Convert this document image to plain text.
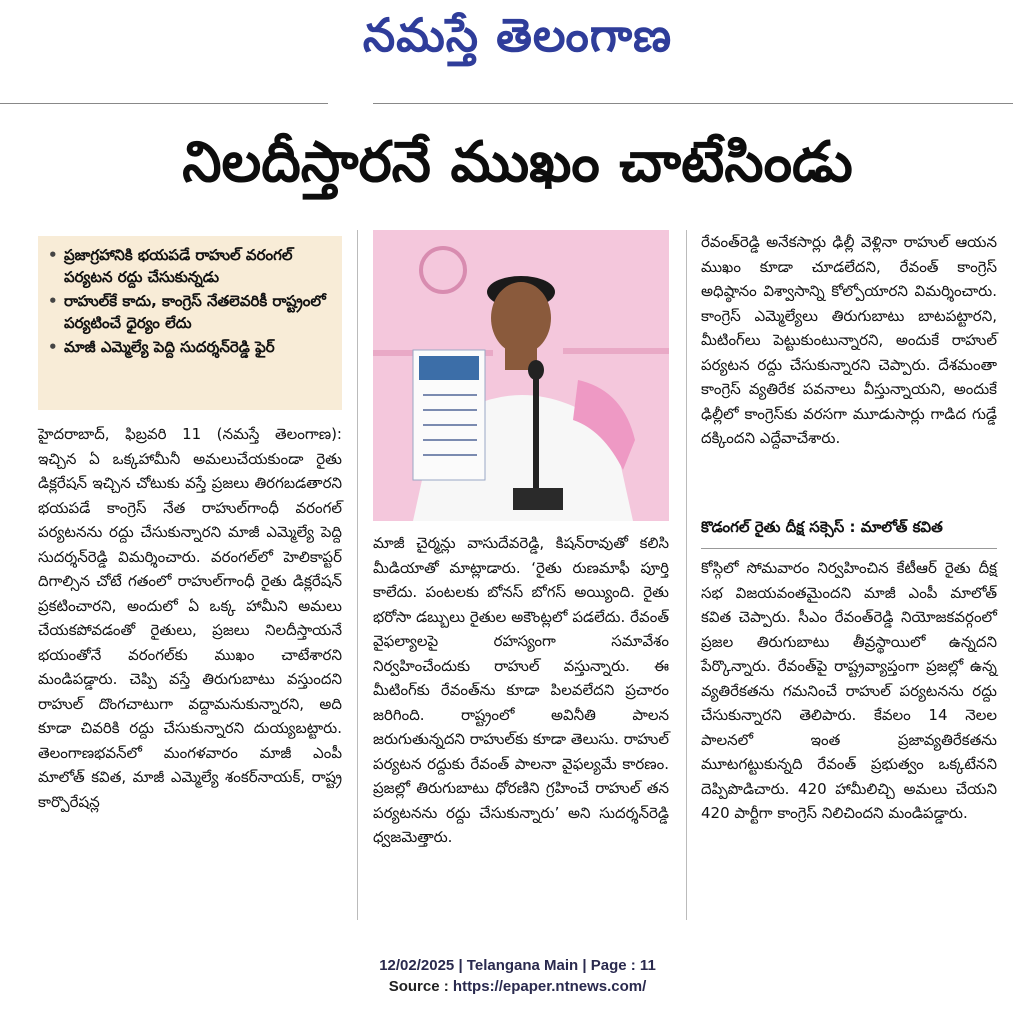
నమస్తే తెలంగాణ
నిలదీస్తారనే ముఖం చాటేసిండు
• ప్రజాగ్రహానికి భయపడే రాహుల్ వరంగల్ పర్యటన రద్దు చేసుకున్నడు
• రాహుల్‌కే కాదు, కాంగ్రెస్ నేతలెవరికీ రాష్ట్రంలో పర్యటించే ధైర్యం లేదు
• మాజీ ఎమ్మెల్యే పెద్ది సుదర్శన్‌రెడ్డి ఫైర్

హైదరాబాద్, ఫిబ్రవరి 11 (నమస్తే తెలంగాణ): ఇచ్చిన ఏ ఒక్కహామీనీ అమలుచేయకుండా రైతు డిక్లరేషన్ ఇచ్చిన చోటుకు వస్తే ప్రజలు తిరగబడతారని భయపడే కాంగ్రెస్ నేత రాహుల్‌గాంధీ వరంగల్ పర్యటనను రద్దు చేసుకున్నారని మాజీ ఎమ్మెల్యే పెద్ది సుదర్శన్‌రెడ్డి విమర్శించారు. వరంగల్‌లో హెలికాప్టర్ దిగాల్సిన చోటే గతంలో రాహుల్‌గాంధీ రైతు డిక్లరేషన్ ప్రకటించారని, అందులో ఏ ఒక్క హామీని అమలు చేయకపోవడంతో రైతులు, ప్రజలు నిలదీస్తాయనే భయంతోనే వరంగల్‌కు ముఖం చాటేశారని మండిపడ్డారు. చెప్పి వస్తే తిరుగుబాటు వస్తుందని రాహుల్ దొంగచాటుగా వద్దామనుకున్నారని, అది కూడా చివరికి రద్దు చేసుకున్నారని దుయ్యబట్టారు. తెలంగాణభవన్‌లో మంగళవారం మాజీ ఎంపీ మాలోత్ కవిత, మాజీ ఎమ్మెల్యే శంకర్‌నాయక్, రాష్ట్ర కార్పొరేషన్ల

మాజీ చైర్మన్లు వాసుదేవరెడ్డి, కిషన్‌రావుతో కలిసి మీడియాతో మాట్లాడారు. ‘రైతు రుణమాఫీ పూర్తి కాలేదు. పంటలకు బోనస్ బోగస్ అయ్యింది. రైతు భరోసా డబ్బులు రైతుల అకౌంట్లలో పడలేదు. రేవంత్ వైఫల్యాలపై రహస్యంగా సమావేశం నిర్వహించేందుకు రాహుల్ వస్తున్నారు. ఈ మీటింగ్‌కు రేవంత్‌ను కూడా పిలవలేదని ప్రచారం జరిగింది. రాష్ట్రంలో అవినీతి పాలన జరుగుతున్నదని రాహుల్‌కు కూడా తెలుసు. రాహుల్ పర్యటన రద్దుకు రేవంత్ పాలనా వైఫల్యమే కారణం. ప్రజల్లో తిరుగుబాటు ధోరణిని గ్రహించే రాహుల్ తన పర్యటనను రద్దు చేసుకున్నారు’ అని సుదర్శన్‌రెడ్డి ధ్వజమెత్తారు.

రేవంత్‌రెడ్డి అనేకసార్లు ఢిల్లీ వెళ్లినా రాహుల్ ఆయన ముఖం కూడా చూడలేదని, రేవంత్ కాంగ్రెస్ అధిష్ఠానం విశ్వాసాన్ని కోల్పోయారని విమర్శించారు. కాంగ్రెస్ ఎమ్మెల్యేలు తిరుగుబాటు బాటపట్టారని, మీటింగ్‌లు పెట్టుకుంటున్నారని, అందుకే రాహుల్ పర్యటన రద్దు చేసుకున్నారని చెప్పారు. దేశమంతా కాంగ్రెస్ వ్యతిరేక పవనాలు వీస్తున్నాయని, అందుకే ఢిల్లీలో కాంగ్రెస్‌కు వరసగా మూడుసార్లు గాడిద గుడ్డే దక్కిందని ఎద్దేవాచేశారు.

కొడంగల్ రైతు దీక్ష సక్సెస్ : మాలోత్ కవిత

కోస్గిలో సోమవారం నిర్వహించిన కేటీఆర్ రైతు దీక్ష సభ విజయవంతమైందని మాజీ ఎంపీ మాలోత్ కవిత చెప్పారు. సీఎం రేవంత్‌రెడ్డి నియోజకవర్గంలో ప్రజల తిరుగుబాటు తీవ్రస్థాయిలో ఉన్నదని పేర్కొన్నారు. రేవంత్‌పై రాష్ట్రవ్యాప్తంగా ప్రజల్లో ఉన్న వ్యతిరేకతను గమనించే రాహుల్ పర్యటనను రద్దు చేసుకున్నారని తెలిపారు. కేవలం 14 నెలల పాలనలో ఇంత ప్రజావ్యతిరేకతను మూటగట్టుకున్నది రేవంత్ ప్రభుత్వం ఒక్కటేనని దెప్పిపొడిచారు. 420 హామీలిచ్చి అమలు చేయని 420 పార్టీగా కాంగ్రెస్ నిలిచిందని మండిపడ్డారు.

12/02/2025 | Telangana Main | Page : 11
Source : https://epaper.ntnews.com/
